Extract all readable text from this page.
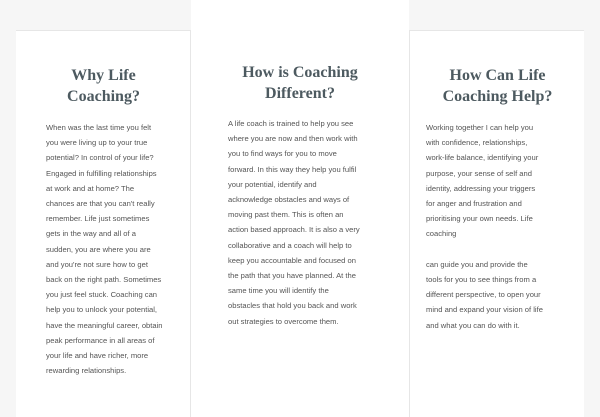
Why Life
Coaching?

When was the last time you felt
you were living up to your true
potential? In control of your life?
Engaged in fulfilling relationships
at work and at home? The
chances are that you can't really
remember. Life just sometimes
gets in the way and all of a
sudden, you are where you are
and you're not sure how to get
back on the right path. Sometimes
you just feel stuck. Coaching can
help you to unlock your potential,
have the meaningful career, obtain
peak performance in all areas of
your life and have richer, more
rewarding relationships.

How is Coaching
Different?

A life coach is trained to help you see
where you are now and then work with
you to find ways for you to move
forward. In this way they help you fulfil
your potential, identify and
acknowledge obstacles and ways of
moving past them. This is often an
action based approach. It is also a very
collaborative and a coach will help to
keep you accountable and focused on
the path that you have planned. At the
same time you will identify the
obstacles that hold you back and work
out strategies to overcome them.

How Can Life
Coaching Help?

Working together I can help you
with confidence, relationships,
work-life balance, identifying your
purpose, your sense of self and
identity, addressing your triggers
for anger and frustration and
prioritising your own needs. Life
coaching

can guide you and provide the
tools for you to see things from a
different perspective, to open your
mind and expand your vision of life
and what you can do with it.
